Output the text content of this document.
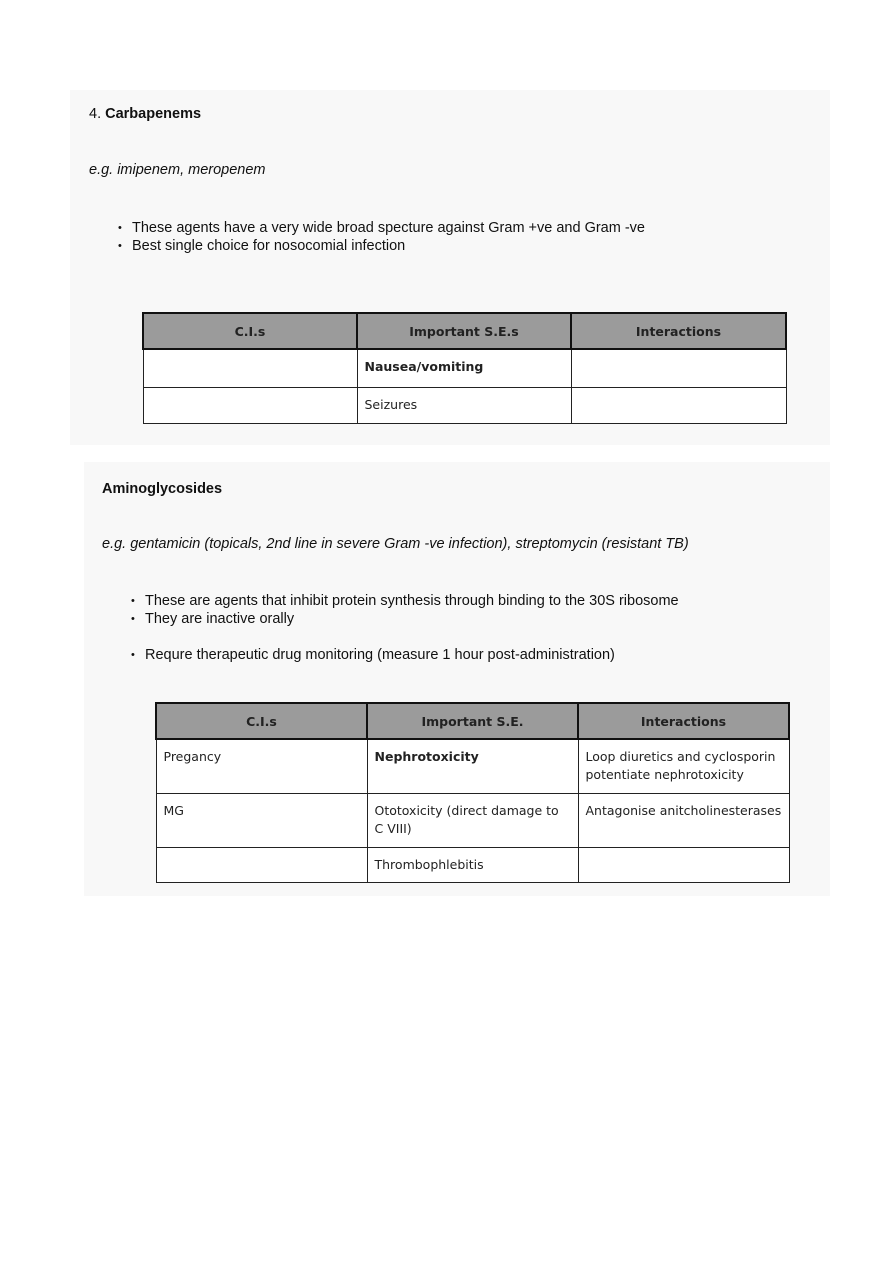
4. Carbapenems
e.g. imipenem, meropenem
• These agents have a very wide broad specture against Gram +ve and Gram -ve
• Best single choice for nosocomial infection
C.I.s	Important S.E.s	Interactions
	Nausea/vomiting	
	Seizures	
Aminoglycosides
e.g. gentamicin (topicals, 2nd line in severe Gram -ve infection), streptomycin (resistant TB)
• These are agents that inhibit protein synthesis through binding to the 30S ribosome
• They are inactive orally
• Requre therapeutic drug monitoring (measure 1 hour post-administration)
C.I.s	Important S.E.	Interactions
Pregancy	Nephrotoxicity	Loop diuretics and cyclosporin potentiate nephrotoxicity
MG	Ototoxicity (direct damage to C VIII)	Antagonise anitcholinesterases
	Thrombophlebitis	
